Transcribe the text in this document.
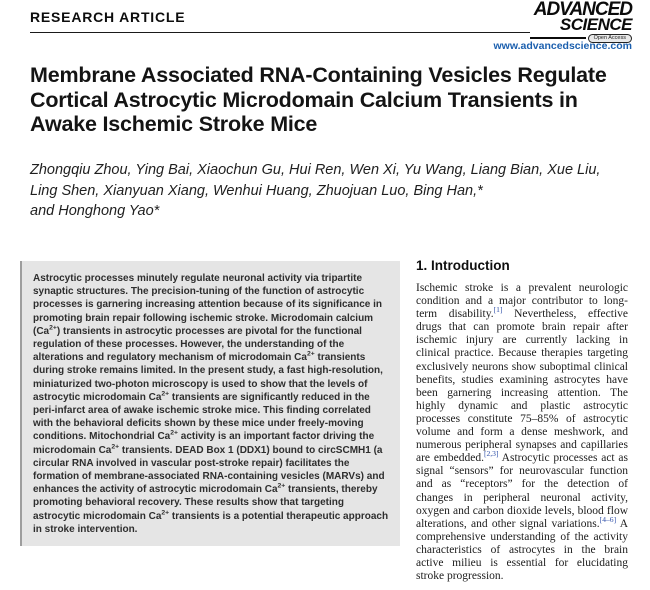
RESEARCH ARTICLE	ADVANCED
SCIENCE
Open Access
www.advancedscience.com
Membrane Associated RNA-Containing Vesicles Regulate Cortical Astrocytic Microdomain Calcium Transients in Awake Ischemic Stroke Mice
Zhongqiu Zhou, Ying Bai, Xiaochun Gu, Hui Ren, Wen Xi, Yu Wang, Liang Bian, Xue Liu,
Ling Shen, Xianyuan Xiang, Wenhui Huang, Zhuojuan Luo, Bing Han,*
and Honghong Yao*
Astrocytic processes minutely regulate neuronal activity via tripartite synaptic structures. The precision-tuning of the function of astrocytic processes is garnering increasing attention because of its significance in promoting brain repair following ischemic stroke. Microdomain calcium $(Ca^{2+})$ transients in astrocytic processes are pivotal for the functional regulation of these processes. However, the understanding of the alterations and regulatory mechanism of microdomain $Ca^{2+}$ transients during stroke remains limited. In the present study, a fast high-resolution, miniaturized two-photon microscopy is used to show that the levels of astrocytic microdomain $Ca^{2+}$ transients are significantly reduced in the peri-infarct area of awake ischemic stroke mice. This finding correlated with the behavioral deficits shown by these mice under freely-moving conditions. Mitochondrial $Ca^{2+}$ activity is an important factor driving the microdomain $Ca^{2+}$ transients. DEAD Box 1 (DDX1) bound to circSCMH1 (a circular RNA involved in vascular post-stroke repair) facilitates the formation of membrane-associated RNA-containing vesicles (MARVs) and enhances the activity of astrocytic microdomain $Ca^{2+}$ transients, thereby promoting behavioral recovery. These results show that targeting astrocytic microdomain $Ca^{2+}$ transients is a potential therapeutic approach in stroke intervention.
1. Introduction
Ischemic stroke is a prevalent neurologic condition and a major contributor to long-term disability.[1] Nevertheless, effective drugs that can promote brain repair after ischemic injury are currently lacking in clinical practice. Because therapies targeting exclusively neurons show suboptimal clinical benefits, studies examining astrocytes have been garnering increasing attention. The highly dynamic and plastic astrocytic processes constitute 75–85% of astrocytic volume and form a dense meshwork, and numerous peripheral synapses and capillaries are embedded.[2,3] Astrocytic processes act as signal “sensors” for neurovascular function and as “receptors” for the detection of changes in peripheral neuronal activity, oxygen and carbon dioxide levels, blood flow alterations, and other signal variations.[4–6] A comprehensive understanding of the activity characteristics of astrocytes in the brain active milieu is essential for elucidating stroke progression.
